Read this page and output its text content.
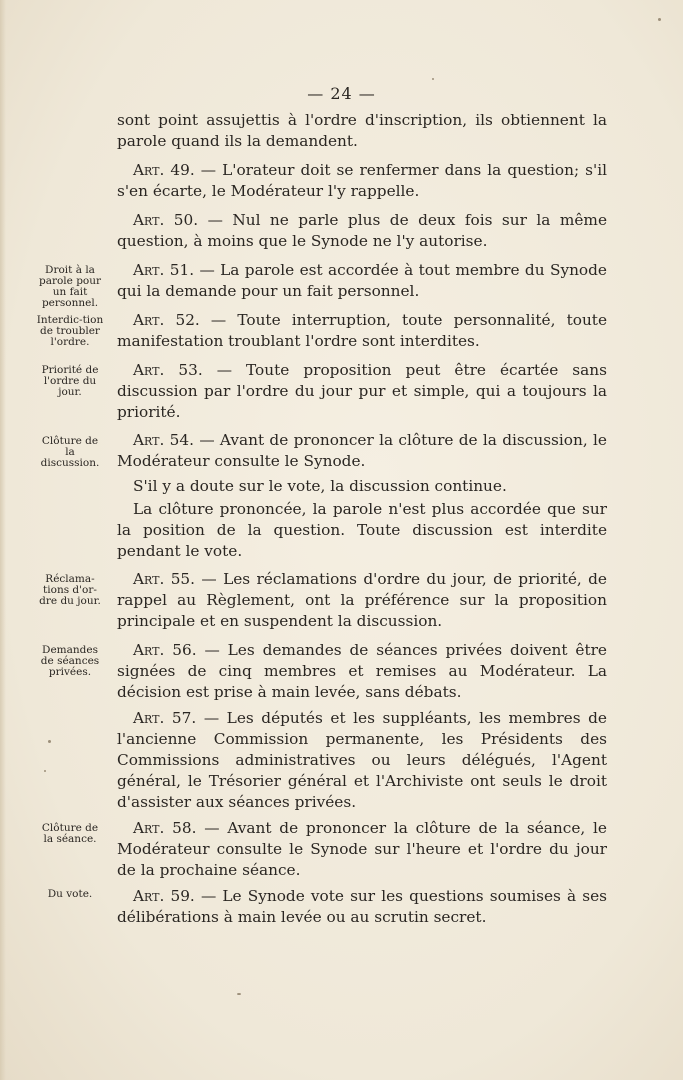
— 24 —
Droit à la parole pour un fait personnel.
Interdic-tion de troubler l'ordre.
Priorité de l'ordre du jour.
Clôture de la discussion.
Réclama-tions d'or-dre du jour.
Demandes de séances privées.
Clôture de la séance.
Du vote.

sont point assujettis à l'ordre d'inscription, ils obtiennent la parole quand ils la demandent.

Art. 49. — L'orateur doit se renfermer dans la question; s'il s'en écarte, le Modérateur l'y rappelle.

Art. 50. — Nul ne parle plus de deux fois sur la même question, à moins que le Synode ne l'y autorise.

Art. 51. — La parole est accordée à tout membre du Synode qui la demande pour un fait personnel.

Art. 52. — Toute interruption, toute personnalité, toute manifestation troublant l'ordre sont interdites.

Art. 53. — Toute proposition peut être écartée sans discussion par l'ordre du jour pur et simple, qui a toujours la priorité.

Art. 54. — Avant de prononcer la clôture de la discussion, le Modérateur consulte le Synode.

S'il y a doute sur le vote, la discussion continue.

La clôture prononcée, la parole n'est plus accordée que sur la position de la question. Toute discussion est interdite pendant le vote.

Art. 55. — Les réclamations d'ordre du jour, de priorité, de rappel au Règlement, ont la préférence sur la proposition principale et en suspendent la discussion.

Art. 56. — Les demandes de séances privées doivent être signées de cinq membres et remises au Modérateur. La décision est prise à main levée, sans débats.

Art. 57. — Les députés et les suppléants, les membres de l'ancienne Commission permanente, les Présidents des Commissions administratives ou leurs délégués, l'Agent général, le Trésorier général et l'Archiviste ont seuls le droit d'assister aux séances privées.

Art. 58. — Avant de prononcer la clôture de la séance, le Modérateur consulte le Synode sur l'heure et l'ordre du jour de la prochaine séance.

Art. 59. — Le Synode vote sur les questions soumises à ses délibérations à main levée ou au scrutin secret.
